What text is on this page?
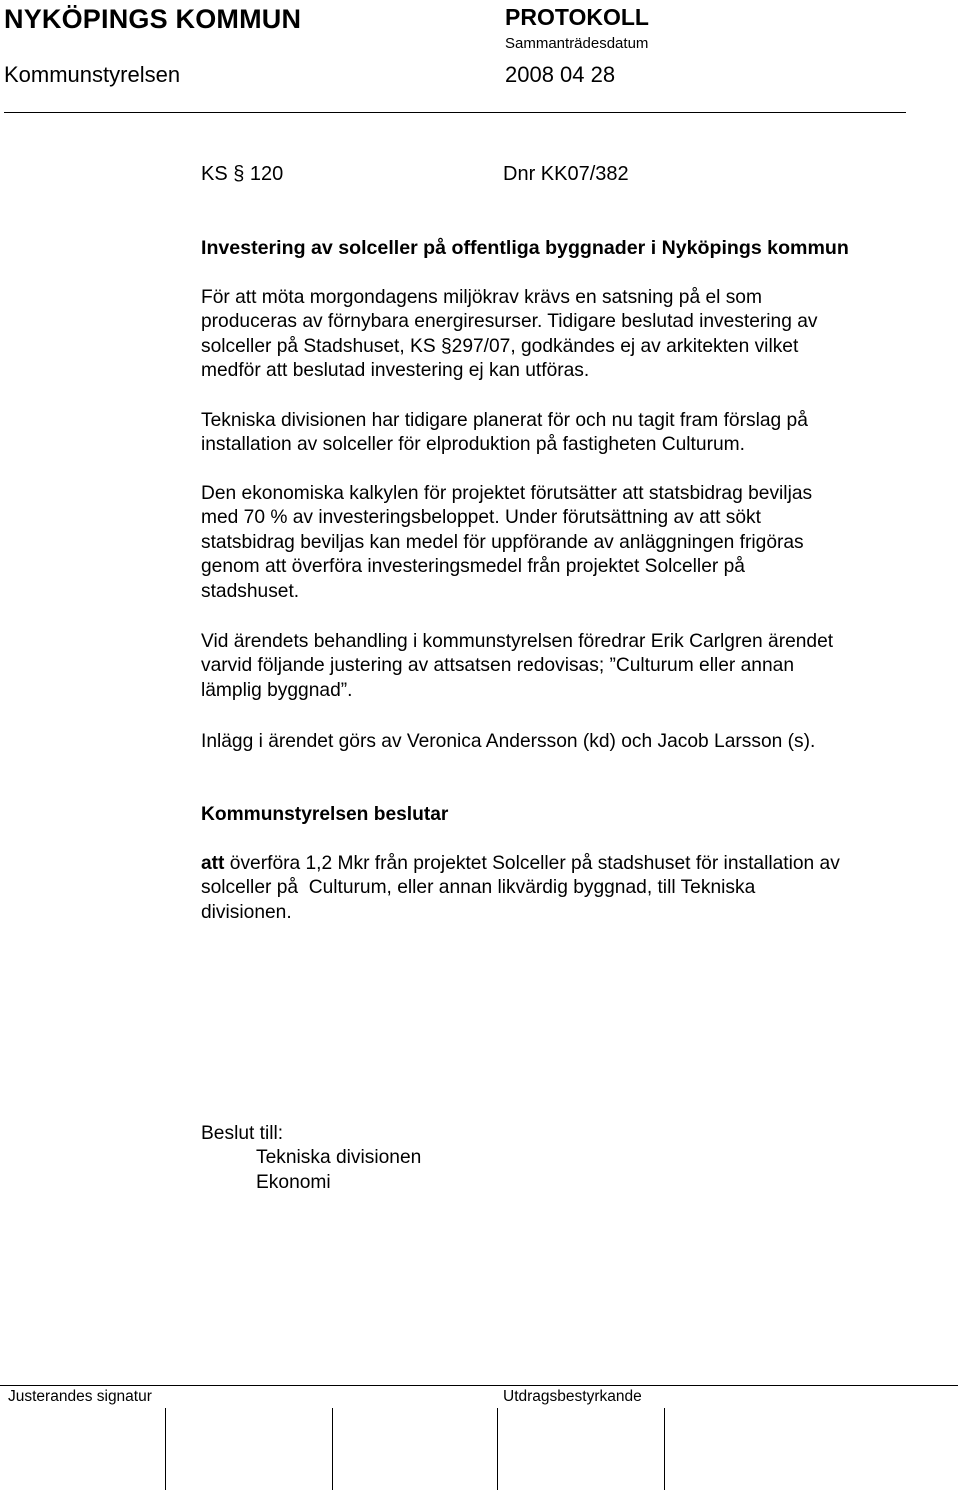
NYKÖPINGS KOMMUN	PROTOKOLL
Sammanträdesdatum
Kommunstyrelsen	2008 04 28
KS § 120	Dnr KK07/382
Investering av solceller på offentliga byggnader i Nyköpings kommun
För att möta morgondagens miljökrav krävs en satsning på el som
produceras av förnybara energiresurser. Tidigare beslutad investering av
solceller på Stadshuset, KS §297/07, godkändes ej av arkitekten vilket
medför att beslutad investering ej kan utföras.
Tekniska divisionen har tidigare planerat för och nu tagit fram förslag på
installation av solceller för elproduktion på fastigheten Culturum.
Den ekonomiska kalkylen för projektet förutsätter att statsbidrag beviljas
med 70 % av investeringsbeloppet. Under förutsättning av att sökt
statsbidrag beviljas kan medel för uppförande av anläggningen frigöras
genom att överföra investeringsmedel från projektet Solceller på
stadshuset.
Vid ärendets behandling i kommunstyrelsen föredrar Erik Carlgren ärendet
varvid följande justering av attsatsen redovisas; ”Culturum eller annan
lämplig byggnad”.
Inlägg i ärendet görs av Veronica Andersson (kd) och Jacob Larsson (s).
Kommunstyrelsen beslutar
att överföra 1,2 Mkr från projektet Solceller på stadshuset för installation av
solceller på  Culturum, eller annan likvärdig byggnad, till Tekniska
divisionen.
Beslut till:
Tekniska divisionen
Ekonomi
Justerandes signatur	Utdragsbestyrkande
